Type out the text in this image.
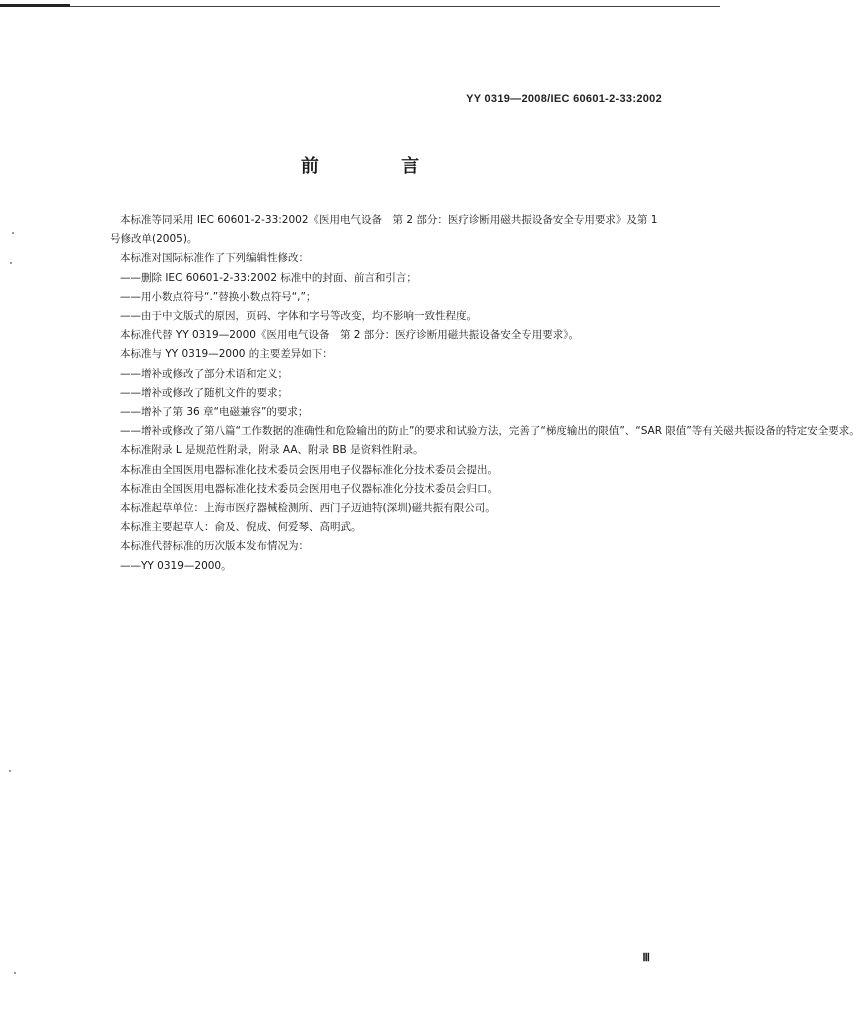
YY 0319—2008/IEC 60601-2-33:2002
前 言

本标准等同采用 IEC 60601-2-33:2002《医用电气设备　第 2 部分：医疗诊断用磁共振设备安全专用要求》及第 1 号修改单(2005)。

本标准对国际标准作了下列编辑性修改：

——删除 IEC 60601-2-33:2002 标准中的封面、前言和引言；

——用小数点符号“.”替换小数点符号“,”；

——由于中文版式的原因，页码、字体和字号等改变，均不影响一致性程度。

本标准代替 YY 0319—2000《医用电气设备　第 2 部分：医疗诊断用磁共振设备安全专用要求》。

本标准与 YY 0319—2000 的主要差异如下：

——增补或修改了部分术语和定义；

——增补或修改了随机文件的要求；

——增补了第 36 章“电磁兼容”的要求；

——增补或修改了第八篇“工作数据的准确性和危险输出的防止”的要求和试验方法，完善了“梯度输出的限值”、“SAR 限值”等有关磁共振设备的特定安全要求。

本标准附录 L 是规范性附录，附录 AA、附录 BB 是资料性附录。

本标准由全国医用电器标准化技术委员会医用电子仪器标准化分技术委员会提出。

本标准由全国医用电器标准化技术委员会医用电子仪器标准化分技术委员会归口。

本标准起草单位：上海市医疗器械检测所、西门子迈迪特(深圳)磁共振有限公司。

本标准主要起草人：俞及、倪成、何爱琴、高明武。

本标准代替标准的历次版本发布情况为：

——YY 0319—2000。

Ⅲ
